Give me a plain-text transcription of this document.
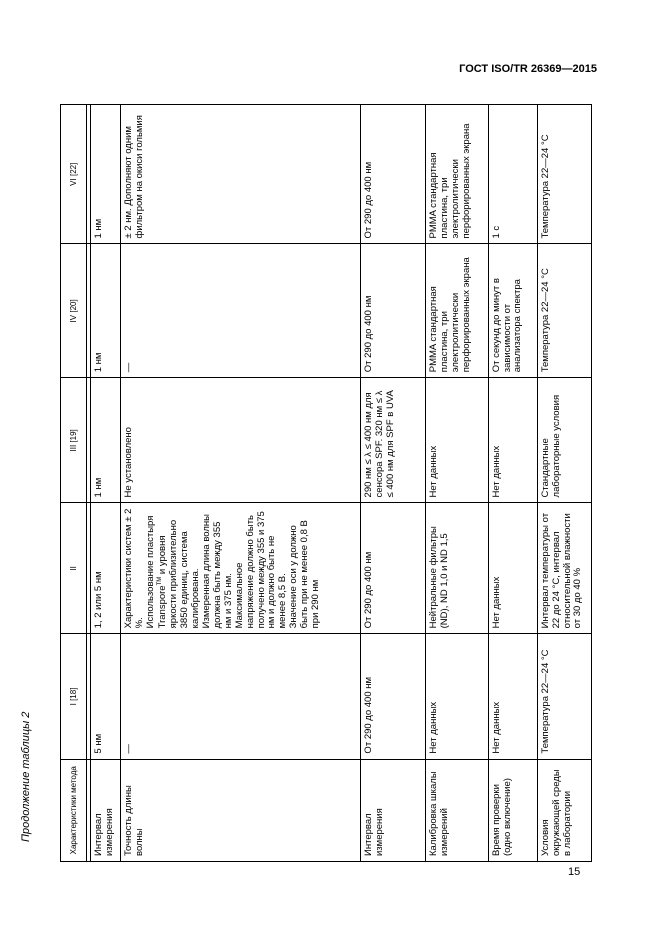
ГОСТ ISO/TR 26369—2015
Продолжение таблицы 2	Характеристики метода	I [18]	II	III [19]	IV [20]	VI [22]

Интервал измерения	5 нм	1, 2 или 5 нм	1 нм	1 нм	1 нм
Точность длины волны	—	Характеристики систем ± 2 %. Использование пластыря Transpore™ и уровня яркости приблизительно 3850 единиц, система калиброванa. Измеренная длина волны должна быть между 355 нм и 375 нм. Максимальное напряжение должно быть получено между 355 и 375 нм и должно быть не менее 8,5 В. Значение оси у должно быть при не менее 0,8 В при 290 нм	Не установлено	—	± 2 нм. Дополняют одним фильтром на окиси гольмия
Интервал измерения	От 290 до 400 нм	От 290 до 400 нм	290 нм ≤ λ ≤ 400 нм для сенсора SPF. 320 нм ≤ λ ≤ 400 нм для SPF в UVA	От 290 до 400 нм	От 290 до 400 нм
Калибровка шкалы измерений	Нет данных	Нейтральные фильтры (ND), ND 1,0 и ND 1,5	Нет данных	PMMA стандартная пластина, три электролитически перфорированных экрана	PMMA стандартная пластина, три электролитически перфорированных экрана
Время проверки (одно включение)	Нет данных	Нет данных	Нет данных	От секунд до минут в зависимости от анализатора спектра	1 с
Условия окружающей среды в лаборатории	Температура 22—24 °C	Интервал температуры от 22 до 24 °C, интервал относительной влажности от 30 до 40 %	Стандартные лабораторные условия	Температура 22—24 °C	Температура 22—24 °C
15
